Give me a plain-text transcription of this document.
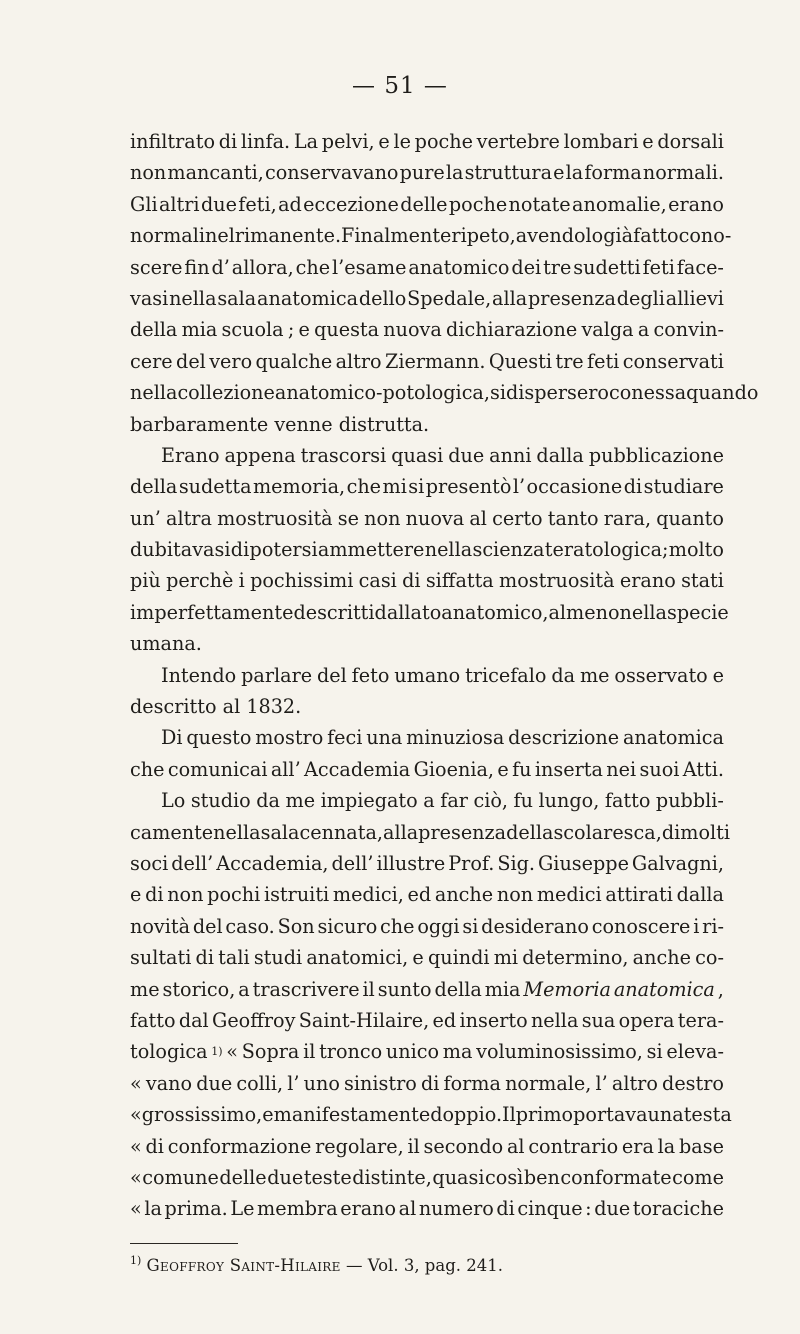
— 51 —
infiltrato di linfa. La pelvi, e le poche vertebre lombari e dorsali
non mancanti, conservavano pure la struttura e la forma normali.
Gli altri due feti, ad eccezione delle poche notate anomalie, erano
normali nel rimanente. Finalmente ripeto, avendolo già fatto cono-
scere fin d’ allora, che l’esame anatomico dei tre sudetti feti face-
vasi nella sala anatomica dello Spedale, alla presenza degli allievi
della mia scuola ; e questa nuova dichiarazione valga a convin-
cere del vero qualche altro Ziermann. Questi tre feti conservati
nella collezione anatomico-potologica, si dispersero con essa quando
barbaramente
venne
distrutta.
Erano appena trascorsi quasi due anni dalla pubblicazione
della sudetta memoria, che mi si presentò l’ occasione di studiare
un’ altra mostruosità se non nuova al certo tanto rara, quanto
dubitavasi di potersi ammettere nella scienza teratologica; molto
più perchè i pochissimi casi di siffatta mostruosità erano stati
imperfettamente descritti dal lato anatomico, almeno nella specie
umana.
Intendo parlare del feto umano tricefalo da me osservato e
descritto
al
1832.
Di questo mostro feci una minuziosa descrizione anatomica
che comunicai all’ Accademia Gioenia, e fu inserta nei suoi Atti.
Lo studio da me impiegato a far ciò, fu lungo, fatto pubbli-
camente nella sala cennata, alla presenza della scolaresca, di molti
soci dell’ Accademia, dell’ illustre Prof. Sig. Giuseppe Galvagni,
e di non pochi istruiti medici, ed anche non medici attirati dalla
novità del caso. Son sicuro che oggi si desiderano conoscere i ri-
sultati di tali studi anatomici, e quindi mi determino, anche co-
me storico, a trascrivere il sunto della mia Memoria anatomica ,
fatto dal Geoffroy Saint-Hilaire, ed inserto nella sua opera tera-
tologica 1) « Sopra il tronco unico ma voluminosissimo, si eleva-
« vano due colli, l’ uno sinistro di forma normale, l’ altro destro
« grossissimo, e manifestamente doppio. Il primo portava una testa
« di conformazione regolare, il secondo al contrario era la base
« comune delle due teste distinte, quasi così ben conformate come
« la prima. Le membra erano al numero di cinque : due toraciche
$^{1)}$ Geoffroy Saint-Hilaire — Vol. 3, pag. 241.
